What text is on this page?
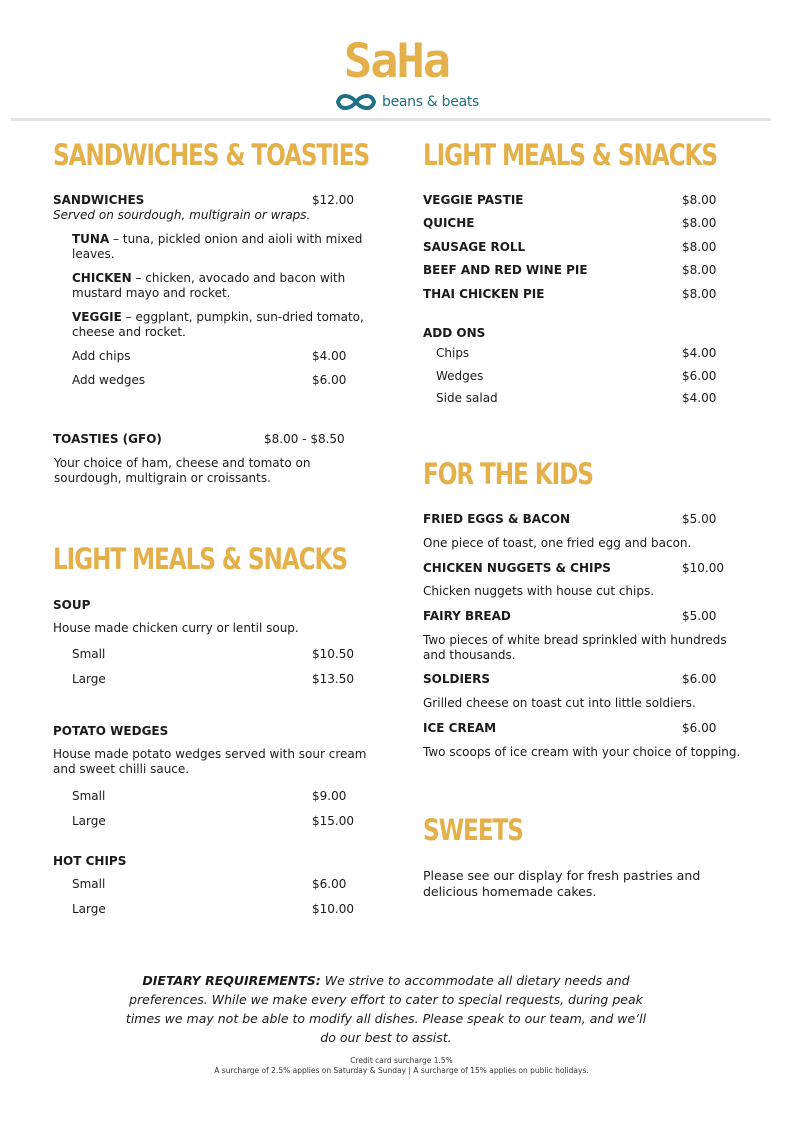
SaHa
beans & beats
SANDWICHES & TOASTIES
SANDWICHES	$12.00
Served on sourdough, multigrain or wraps.
TUNA – tuna, pickled onion and aioli with mixed leaves.
CHICKEN – chicken, avocado and bacon with mustard mayo and rocket.
VEGGIE – eggplant, pumpkin, sun-dried tomato, cheese and rocket.
Add chips	$4.00
Add wedges	$6.00
TOASTIES (GFO)	$8.00 - $8.50
Your choice of ham, cheese and tomato on sourdough, multigrain or croissants.
LIGHT MEALS & SNACKS
SOUP
House made chicken curry or lentil soup.
Small	$10.50
Large	$13.50
POTATO WEDGES
House made potato wedges served with sour cream and sweet chilli sauce.
Small	$9.00
Large	$15.00
HOT CHIPS
Small	$6.00
Large	$10.00
LIGHT MEALS & SNACKS
VEGGIE PASTIE	$8.00
QUICHE	$8.00
SAUSAGE ROLL	$8.00
BEEF AND RED WINE PIE	$8.00
THAI CHICKEN PIE	$8.00
ADD ONS
Chips	$4.00
Wedges	$6.00
Side salad	$4.00
FOR THE KIDS
FRIED EGGS & BACON	$5.00
One piece of toast, one fried egg and bacon.
CHICKEN NUGGETS & CHIPS	$10.00
Chicken nuggets with house cut chips.
FAIRY BREAD	$5.00
Two pieces of white bread sprinkled with hundreds and thousands.
SOLDIERS	$6.00
Grilled cheese on toast cut into little soldiers.
ICE CREAM	$6.00
Two scoops of ice cream with your choice of topping.
SWEETS
Please see our display for fresh pastries and delicious homemade cakes.
DIETARY REQUIREMENTS: We strive to accommodate all dietary needs and preferences. While we make every effort to cater to special requests, during peak times we may not be able to modify all dishes. Please speak to our team, and we’ll do our best to assist.
Credit card surcharge 1.5%
A surcharge of 2.5% applies on Saturday & Sunday | A surcharge of 15% applies on public holidays.
